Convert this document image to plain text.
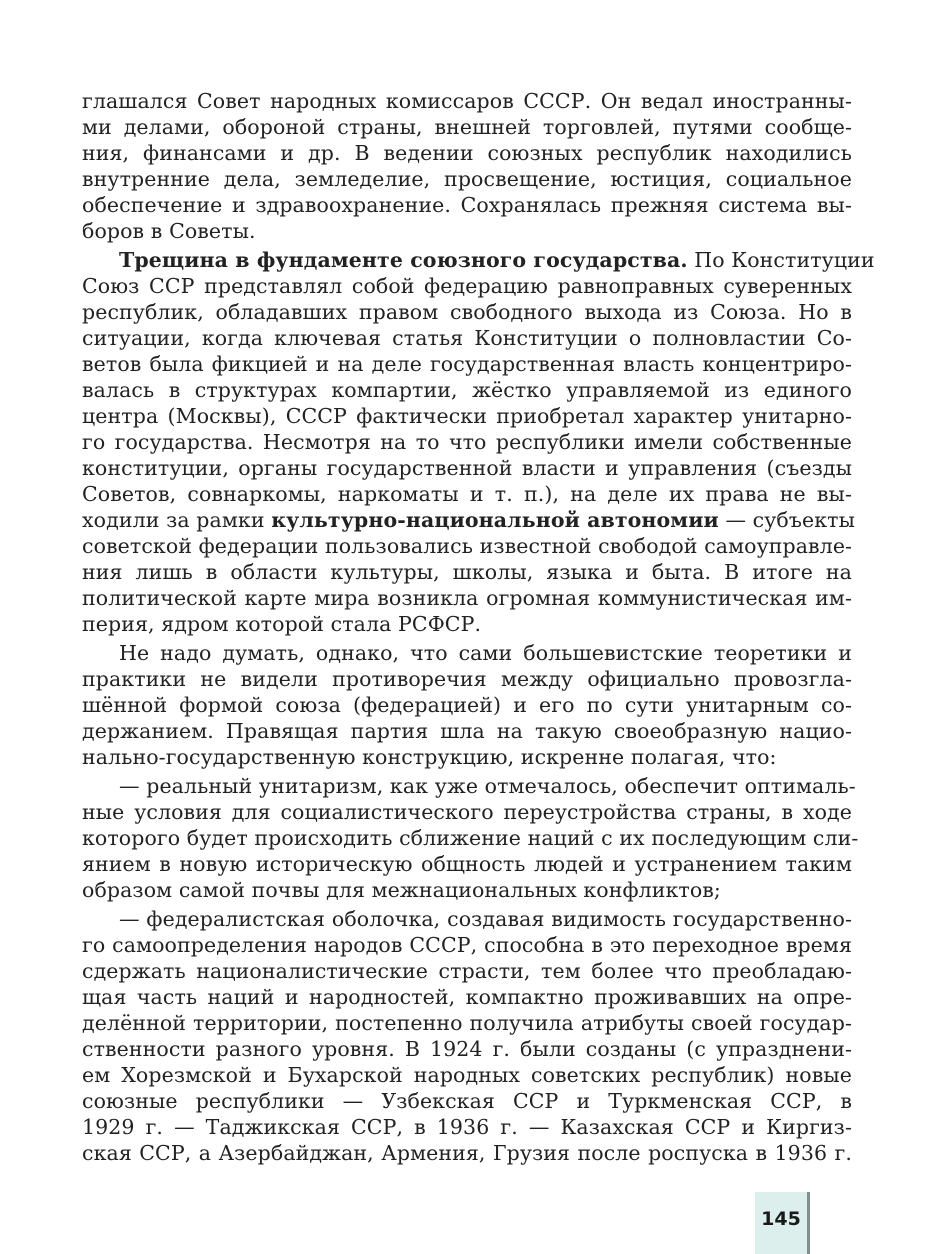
глашался Совет народных комиссаров СССР. Он ведал иностранны-
ми делами, обороной страны, внешней торговлей, путями сообще-
ния, финансами и др. В ведении союзных республик находились
внутренние дела, земледелие, просвещение, юстиция, социальное
обеспечение и здравоохранение. Сохранялась прежняя система вы-
боров в Советы.
Трещина в фундаменте союзного государства. По Конституции
Союз ССР представлял собой федерацию равноправных суверенных
республик, обладавших правом свободного выхода из Союза. Но в
ситуации, когда ключевая статья Конституции о полновластии Со-
ветов была фикцией и на деле государственная власть концентриро-
валась в структурах компартии, жёстко управляемой из единого
центра (Москвы), СССР фактически приобретал характер унитарно-
го государства. Несмотря на то что республики имели собственные
конституции, органы государственной власти и управления (съезды
Советов, совнаркомы, наркоматы и т. п.), на деле их права не вы-
ходили за рамки культурно-национальной автономии — субъекты
советской федерации пользовались известной свободой самоуправле-
ния лишь в области культуры, школы, языка и быта. В итоге на
политической карте мира возникла огромная коммунистическая им-
перия, ядром которой стала РСФСР.
Не надо думать, однако, что сами большевистские теоретики и
практики не видели противоречия между официально провозгла-
шённой формой союза (федерацией) и его по сути унитарным со-
держанием. Правящая партия шла на такую своеобразную нацио-
нально-государственную конструкцию, искренне полагая, что:
— реальный унитаризм, как уже отмечалось, обеспечит оптималь-
ные условия для социалистического переустройства страны, в ходе
которого будет происходить сближение наций с их последующим сли-
янием в новую историческую общность людей и устранением таким
образом самой почвы для межнациональных конфликтов;
— федералистская оболочка, создавая видимость государственно-
го самоопределения народов СССР, способна в это переходное время
сдержать националистические страсти, тем более что преобладаю-
щая часть наций и народностей, компактно проживавших на опре-
делённой территории, постепенно получила атрибуты своей государ-
ственности разного уровня. В 1924 г. были созданы (с упразднени-
ем Хорезмской и Бухарской народных советских республик) новые
союзные республики — Узбекская ССР и Туркменская ССР, в
1929 г. — Таджикская ССР, в 1936 г. — Казахская ССР и Киргиз-
ская ССР, а Азербайджан, Армения, Грузия после роспуска в 1936 г.
145
